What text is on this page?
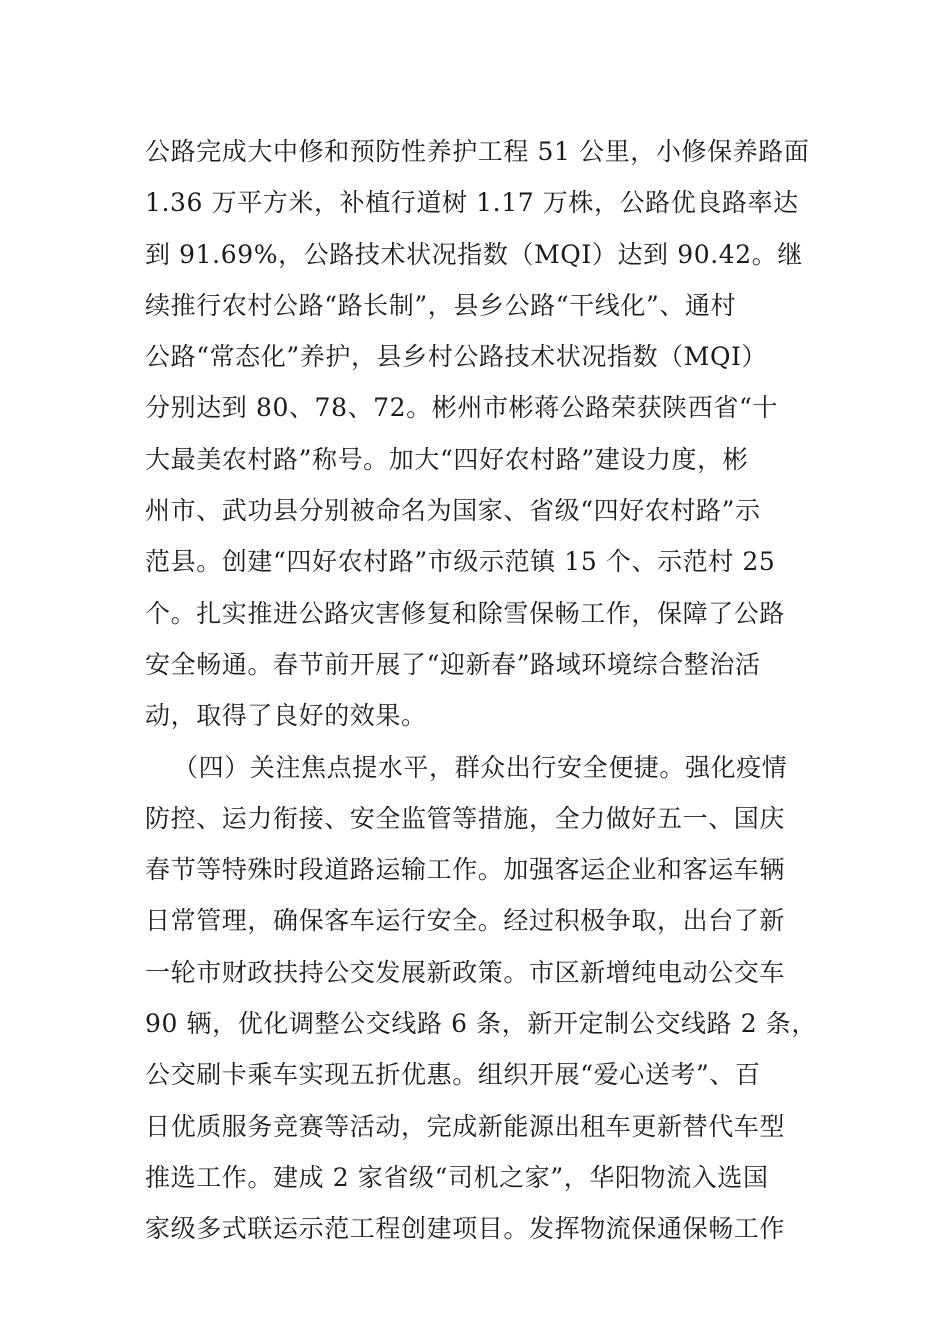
公路完成大中修和预防性养护工程 51 公里，小修保养路面
1.36 万平方米，补植行道树 1.17 万株，公路优良路率达
到 91.69%，公路技术状况指数（MQI）达到 90.42。继
续推行农村公路“路长制”，县乡公路“干线化”、通村
公路“常态化”养护，县乡村公路技术状况指数（MQI）
分别达到 80、78、72。彬州市彬蒋公路荣获陕西省“十
大最美农村路”称号。加大“四好农村路”建设力度，彬
州市、武功县分别被命名为国家、省级“四好农村路”示
范县。创建“四好农村路”市级示范镇 15 个、示范村 25
个。扎实推进公路灾害修复和除雪保畅工作，保障了公路
安全畅通。春节前开展了“迎新春”路域环境综合整治活
动，取得了良好的效果。
（四）关注焦点提水平，群众出行安全便捷。强化疫情
防控、运力衔接、安全监管等措施，全力做好五一、国庆
春节等特殊时段道路运输工作。加强客运企业和客运车辆
日常管理，确保客车运行安全。经过积极争取，出台了新
一轮市财政扶持公交发展新政策。市区新增纯电动公交车
90 辆，优化调整公交线路 6 条，新开定制公交线路 2 条，
公交刷卡乘车实现五折优惠。组织开展“爱心送考”、百
日优质服务竞赛等活动，完成新能源出租车更新替代车型
推选工作。建成 2 家省级“司机之家”，华阳物流入选国
家级多式联运示范工程创建项目。发挥物流保通保畅工作
